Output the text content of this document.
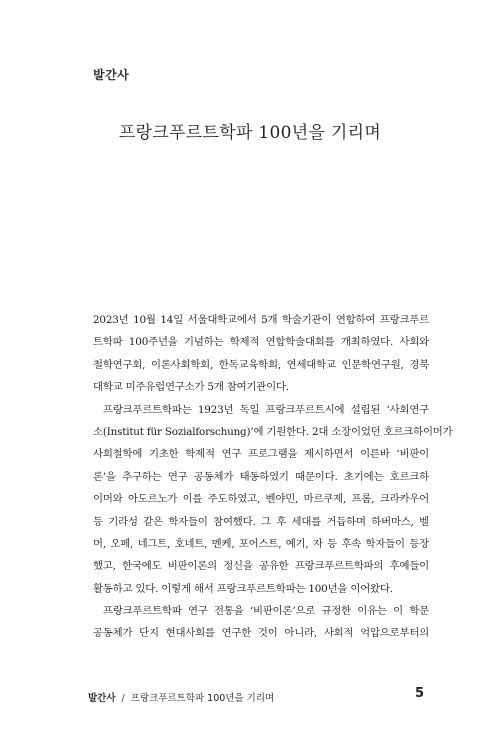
발간사
프랑크푸르트학파 100년을 기리며
2023년 10월 14일 서울대학교에서 5개 학술기관이 연합하여 프랑크푸르
트학파 100주년을 기념하는 학제적 연합학술대회를 개최하였다. 사회와
철학연구회, 이론사회학회, 한독교육학회, 연세대학교 인문학연구원, 경북
대학교 미주유럽연구소가 5개 참여기관이다.
프랑크푸르트학파는 1923년 독일 프랑크푸르트시에 설립된 ‘사회연구
소(Institut für Sozialforschung)’에 기원한다. 2대 소장이었던 호르크하이머가
사회철학에 기초한 학제적 연구 프로그램을 제시하면서 이른바 ‘비판이
론’을 추구하는 연구 공동체가 태동하였기 때문이다. 초기에는 호르크하
이머와 아도르노가 이를 주도하였고, 벤야민, 마르쿠제, 프롬, 크라카우어
등 기라성 같은 학자들이 참여했다. 그 후 세대를 거듭하며 하버마스, 벨
머, 오페, 네그트, 호네트, 멘케, 포어스트, 예기, 자 등 후속 학자들이 등장
했고, 한국에도 비판이론의 정신을 공유한 프랑크푸르트학파의 후예들이
활동하고 있다. 이렇게 해서 프랑크푸르트학파는 100년을 이어왔다.
프랑크푸르트학파 연구 전통을 ‘비판이론’으로 규정한 이유는 이 학문
공동체가 단지 현대사회를 연구한 것이 아니라, 사회적 억압으로부터의
발간사 / 프랑크푸르트학파 100년을 기리며	5
